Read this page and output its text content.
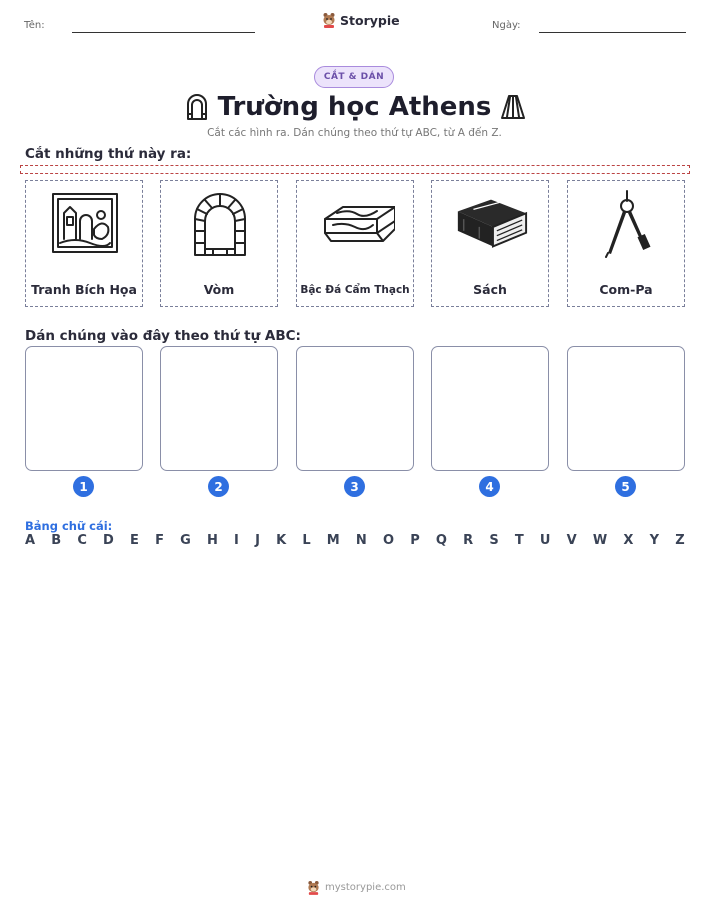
Tên:	Storypie	Ngày:
CẮT & DÁN
Trường học Athens
Cắt các hình ra. Dán chúng theo thứ tự ABC, từ A đến Z.
Cắt những thứ này ra:
Tranh Bích Họa	Vòm	Bậc Đá Cẩm Thạch	Sách	Com-Pa
Dán chúng vào đây theo thứ tự ABC:
1	2	3	4	5
Bảng chữ cái:
A B C D E F G H I J K L M N O P Q R S T U V W X Y Z
mystorypie.com
